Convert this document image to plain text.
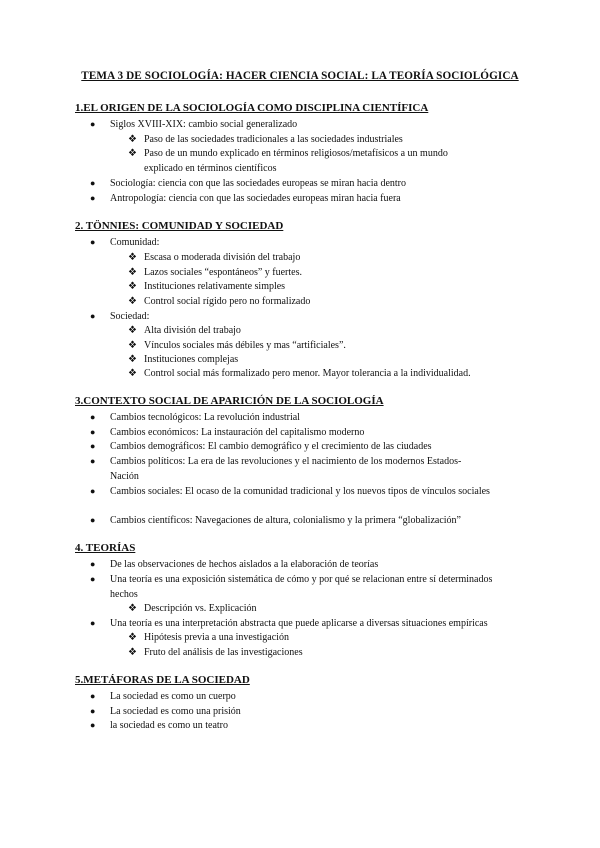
TEMA 3 DE SOCIOLOGÍA: HACER CIENCIA SOCIAL: LA TEORÍA SOCIOLÓGICA
1.EL ORIGEN DE LA SOCIOLOGÍA COMO DISCIPLINA CIENTÍFICA
● Siglos XVIII-XIX: cambio social generalizado
❖ Paso de las sociedades tradicionales a las sociedades industriales
❖ Paso de un mundo explicado en términos religiosos/metafísicos a un mundo explicado en términos científicos
● Sociología: ciencia con que las sociedades europeas se miran hacia dentro
● Antropología: ciencia con que las sociedades europeas miran hacia fuera
2. TÖNNIES: COMUNIDAD Y SOCIEDAD
● Comunidad:
❖ Escasa o moderada división del trabajo
❖ Lazos sociales “espontáneos” y fuertes.
❖ Instituciones relativamente simples
❖ Control social rígido pero no formalizado
● Sociedad:
❖ Alta división del trabajo
❖ Vínculos sociales más débiles y mas “artificiales”.
❖ Instituciones complejas
❖ Control social más formalizado pero menor. Mayor tolerancia a la individualidad.
3.CONTEXTO SOCIAL DE APARICIÓN DE LA SOCIOLOGÍA
● Cambios tecnológicos: La revolución industrial
● Cambios económicos: La instauración del capitalismo moderno
● Cambios demográficos: El cambio demográfico y el crecimiento de las ciudades
● Cambios políticos: La era de las revoluciones y el nacimiento de los modernos Estados-Nación
● Cambios sociales: El ocaso de la comunidad tradicional y los nuevos tipos de vínculos sociales
● Cambios científicos: Navegaciones de altura, colonialismo y la primera “globalización”
4. TEORÍAS
● De las observaciones de hechos aislados a la elaboración de teorías
● Una teoría es una exposición sistemática de cómo y por qué se relacionan entre sí determinados hechos
❖ Descripción vs. Explicación
● Una teoría es una interpretación abstracta que puede aplicarse a diversas situaciones empíricas
❖ Hipótesis previa a una investigación
❖ Fruto del análisis de las investigaciones
5.METÁFORAS DE LA SOCIEDAD
● La sociedad es como un cuerpo
● La sociedad es como una prisión
● la sociedad es como un teatro
